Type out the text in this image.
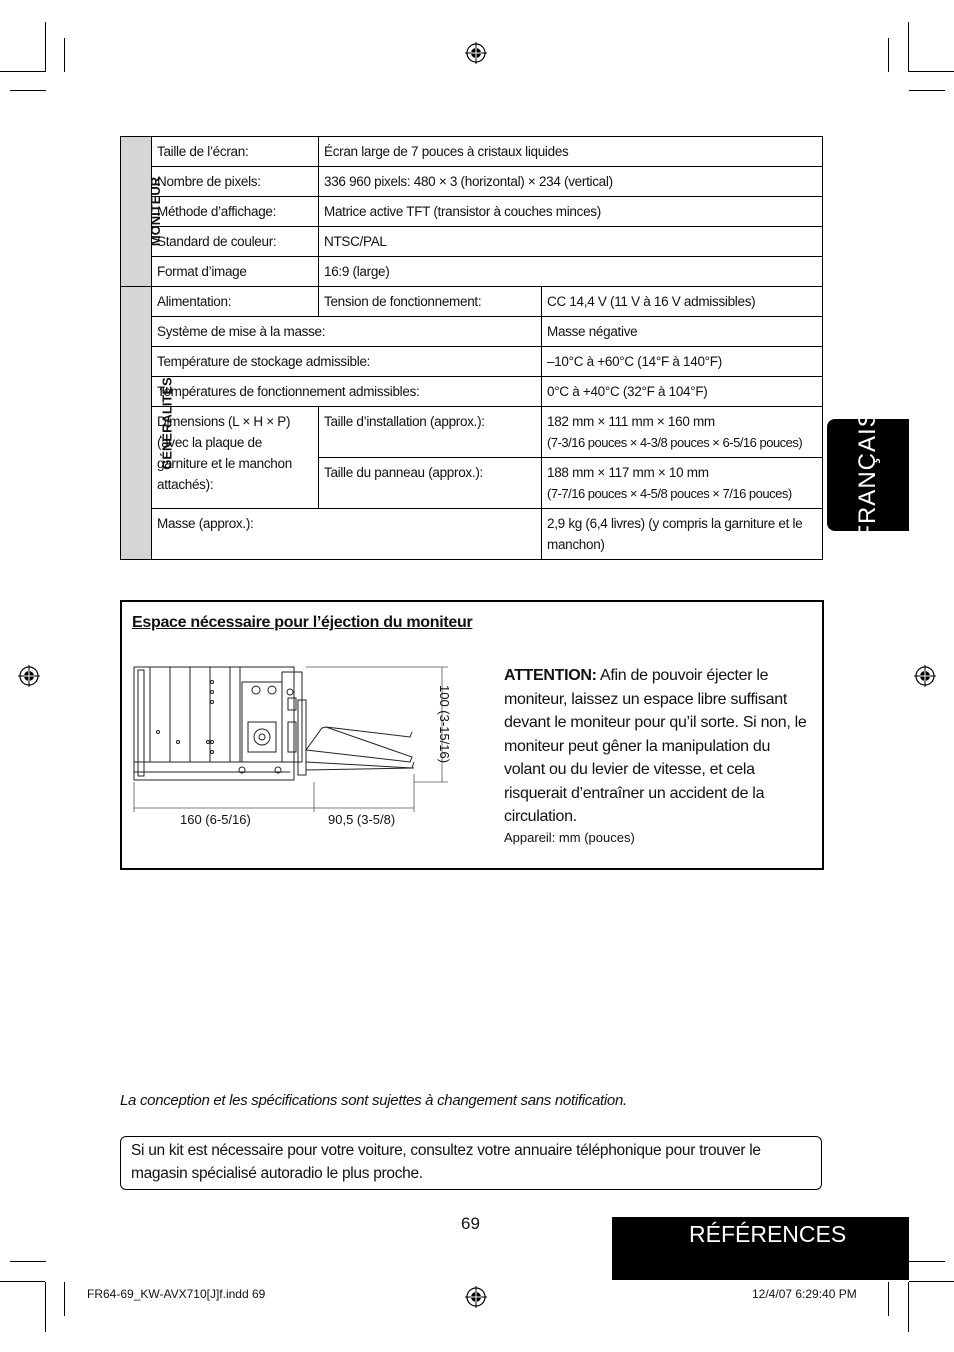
MONITEUR	Taille de l’écran:	Écran large de 7 pouces à cristaux liquides	
	Nombre de pixels:	336 960 pixels: 480 × 3 (horizontal) × 234 (vertical)	
	Méthode d’affichage:	Matrice active TFT (transistor à couches minces)	
	Standard de couleur:	NTSC/PAL	
	Format d’image	16:9 (large)	
GÉNÉRALITÉS	Alimentation:	Tension de fonctionnement:	CC 14,4 V (11 V à 16 V admissibles)
	Système de mise à la masse:		Masse négative
	Température de stockage admissible:		–10°C à +60°C (14°F à 140°F)
	Températures de fonctionnement admissibles:		0°C à +40°C (32°F à 104°F)
	Dimensions (L × H × P) (avec la plaque de garniture et le manchon attachés):	Taille d’installation (approx.):	182 mm × 111 mm × 160 mm
(7-3/16 pouces × 4-3/8 pouces × 6-5/16 pouces)

		Taille du panneau (approx.):	188 mm × 117 mm × 10 mm
(7-7/16 pouces × 4-5/8 pouces × 7/16 pouces)

	Masse (approx.):		2,9 kg (6,4 livres) (y compris la garniture et le manchon)
FRANÇAIS
Espace nécessaire pour l’éjection du moniteur
160 (6-5/16)	90,5 (3-5/8)
100 (3-15/16)
ATTENTION: Afin de pouvoir éjecter le moniteur, laissez un espace libre suffisant devant le moniteur pour qu’il sorte. Si non, le moniteur peut gêner la manipulation du volant ou du levier de vitesse, et cela risquerait d’entraîner un accident de la circulation.
Appareil: mm (pouces)
La conception et les spécifications sont sujettes à changement sans notification.
Si un kit est nécessaire pour votre voiture, consultez votre annuaire téléphonique pour trouver le magasin spécialisé autoradio le plus proche.
69	RÉFÉRENCES
FR64-69_KW-AVX710[J]f.indd 69	12/4/07 6:29:40 PM
